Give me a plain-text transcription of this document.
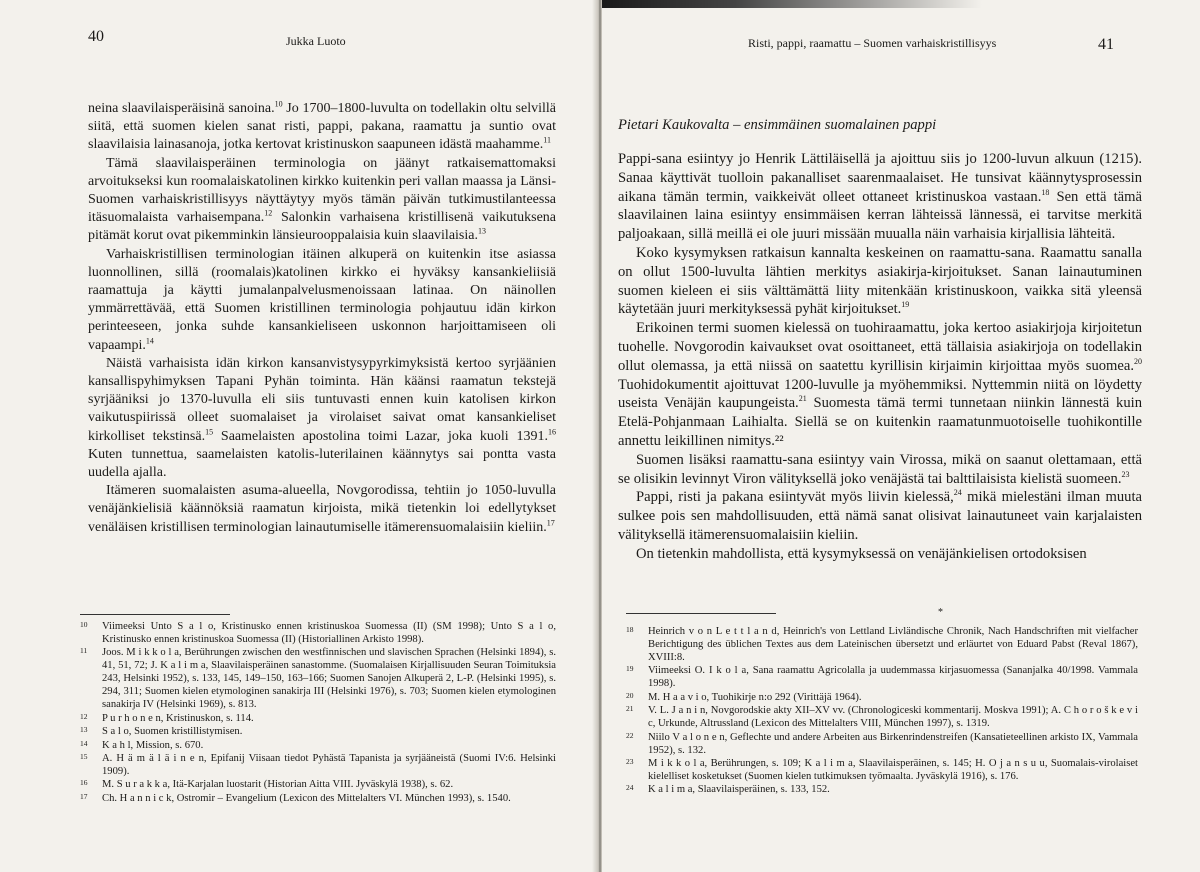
40	Jukka Luoto

neina slaavilaisperäisinä sanoina.$^{10}$ Jo 1700–1800-luvulta on todellakin oltu selvillä siitä, että suomen kielen sanat risti, pappi, pakana, raamattu ja suntio ovat slaavilaisia lainasanoja, jotka kertovat kristinuskon saapuneen idästä maahamme.$^{11}$

Tämä slaavilaisperäinen terminologia on jäänyt ratkaisemattomaksi arvoitukseksi kun roomalaiskatolinen kirkko kuitenkin peri vallan maassa ja Länsi-Suomen varhaiskristillisyys näyttäytyy myös tämän päivän tutkimustilanteessa itäsuomalaista varhaisempana.$^{12}$ Salonkin varhaisena kristillisenä vaikutuksena pitämät korut ovat pikemminkin länsieurooppalaisia kuin slaavilaisia.$^{13}$

Varhaiskristillisen terminologian itäinen alkuperä on kuitenkin itse asiassa luonnollinen, sillä (roomalais)katolinen kirkko ei hyväksy kansankieliisiä raamattuja ja käytti jumalanpalvelusmenoissaan latinaa. On näinollen ymmärrettävää, että Suomen kristillinen terminologia pohjautuu idän kirkon perinteeseen, jonka suhde kansankieliseen uskonnon harjoittamiseen oli vapaampi.$^{14}$

Näistä varhaisista idän kirkon kansanvistysypyrkimyksistä kertoo syrjäänien kansallispyhimyksen Tapani Pyhän toiminta. Hän käänsi raamatun tekstejä syrjääniksi jo 1370-luvulla eli siis tuntuvasti ennen kuin katolisen kirkon vaikutuspiirissä olleet suomalaiset ja virolaiset saivat omat kansankieliset kirkolliset tekstinsä.$^{15}$ Saamelaisten apostolina toimi Lazar, joka kuoli 1391.16 Kuten tunnettua, saamelaisten katolis-luterilainen käännytys sai pontta vasta uudella ajalla.

Itämeren suomalaisten asuma-alueella, Novgorodissa, tehtiin jo 1050-luvulla venäjänkielisiä käännöksiä raamatun kirjoista, mikä tietenkin loi edellytykset venäläisen kristillisen terminologian lainautumiselle itämerensuomalaisiin kieliin.$^{17}$

10 Viimeeksi Unto S a l o, Kristinusko ennen kristinuskoa Suomessa (II) (SM 1998); Unto S a l o, Kristinusko ennen kristinuskoa Suomessa (II) (Historiallinen Arkisto 1998).
11 Joos. M i k k o l a, Berührungen zwischen den westfinnischen und slavischen Sprachen (Helsinki 1894), s. 41, 51, 72; J. K a l i m a, Slaavilaisperäinen sanastomme. (Suomalaisen Kirjallisuuden Seuran Toimituksia 243, Helsinki 1952), s. 133, 145, 149–150, 163–166; Suomen Sanojen Alkuperä 2, L-P. (Helsinki 1995), s. 294, 311; Suomen kielen etymologinen sanakirja III (Helsinki 1976), s. 703; Suomen kielen etymologinen sanakirja IV (Helsinki 1969), s. 813.
12 P u r h o n e n, Kristinuskon, s. 114.
13 S a l o, Suomen kristillistymisen.
14 K a h l, Mission, s. 670.
15 A. H ä m ä l ä i n e n, Epifanij Viisaan tiedot Pyhästä Tapanista ja syrjääneistä (Suomi IV:6. Helsinki 1909).
16 M. S u r a k k a, Itä-Karjalan luostarit (Historian Aitta VIII. Jyväskylä 1938), s. 62.
17 Ch. H a n n i c k, Ostromir – Evangelium (Lexicon des Mittelalters VI. München 1993), s. 1540.
Risti, pappi, raamattu – Suomen varhaiskristillisyys	41
Pietari Kaukovalta – ensimmäinen suomalainen pappi

Pappi-sana esiintyy jo Henrik Lättiläisellä ja ajoittuu siis jo 1200-luvun alkuun (1215). Sanaa käyttivät tuolloin pakanalliset saarenmaalaiset. He tunsivat käännytysprosessin aikana tämän termin, vaikkeivät olleet ottaneet kristinuskoa vastaan.$^{18}$ Sen että tämä slaavilainen laina esiintyy ensimmäisen kerran lähteissä lännessä, ei tarvitse merkitä paljoakaan, sillä meillä ei ole juuri missään muualla näin varhaisia kirjallisia lähteitä.

Koko kysymyksen ratkaisun kannalta keskeinen on raamattu-sana. Raamattu sanalla on ollut 1500-luvulta lähtien merkitys asiakirja-kirjoitukset. Sanan lainautuminen suomen kieleen ei siis välttämättä liity mitenkään kristinuskoon, vaikka sitä yleensä käytetään juuri merkityksessä pyhät kirjoitukset.$^{19}$

Erikoinen termi suomen kielessä on tuohiraamattu, joka kertoo asiakirjoja kirjoitetun tuohelle. Novgorodin kaivaukset ovat osoittaneet, että tällaisia asiakirjoja on todellakin ollut olemassa, ja että niissä on saatettu kyrillisin kirjaimin kirjoittaa myös suomea.$^{20}$ Tuohidokumentit ajoittuvat 1200-luvulle ja myöhemmiksi. Nyttemmin niitä on löydetty useista Venäjän kaupungeista.$^{21}$ Suomesta tämä termi tunnetaan niinkin lännestä kuin Etelä-Pohjanmaan Laihialta. Siellä se on kuitenkin raamatunmuotoiselle tuohikontille annettu leikillinen nimitys.²²

Suomen lisäksi raamattu-sana esiintyy vain Virossa, mikä on saanut olettamaan, että se olisikin levinnyt Viron välityksellä joko venäjästä tai balttilaisista kielistä suomeen.$^{23}$

Pappi, risti ja pakana esiintyvät myös liivin kielessä,$^{24}$ mikä mielestäni ilman muuta sulkee pois sen mahdollisuuden, että nämä sanat olisivat lainautuneet vain karjalaisten välityksellä itämerensuomalaisiin kieliin.

On tietenkin mahdollista, että kysymyksessä on venäjänkielisen ortodoksisen

*
18 Heinrich v o n L e t t l a n d, Heinrich's von Lettland Livländische Chronik, Nach Handschriften mit vielfacher Berichtigung des üblichen Textes aus dem Lateinischen übersetzt und erläurtet von Eduard Pabst (Reval 1867), XVIII:8.
19 Viimeeksi O. I k o l a, Sana raamattu Agricolalla ja uudemmassa kirjasuomessa (Sananjalka 40/1998. Vammala 1998).
20 M. H a a v i o, Tuohikirje n:o 292 (Virittäjä 1964).
21 V. L. J a n i n, Novgorodskie akty XII–XV vv. (Chronologiceski kommentarij. Moskva 1991); A. C h o r o š k e v i c, Urkunde, Altrussland (Lexicon des Mittelalters VIII, München 1997), s. 1319.
22 Niilo V a l o n e n, Geflechte und andere Arbeiten aus Birkenrindenstreifen (Kansatieteellinen arkisto IX, Vammala 1952), s. 132.
23 M i k k o l a, Berührungen, s. 109; K a l i m a, Slaavilaisperäinen, s. 145; H. O j a n s u u, Suomalais-virolaiset kielelliset kosketukset (Suomen kielen tutkimuksen työmaalta. Jyväskylä 1916), s. 176.
24 K a l i m a, Slaavilaisperäinen, s. 133, 152.
